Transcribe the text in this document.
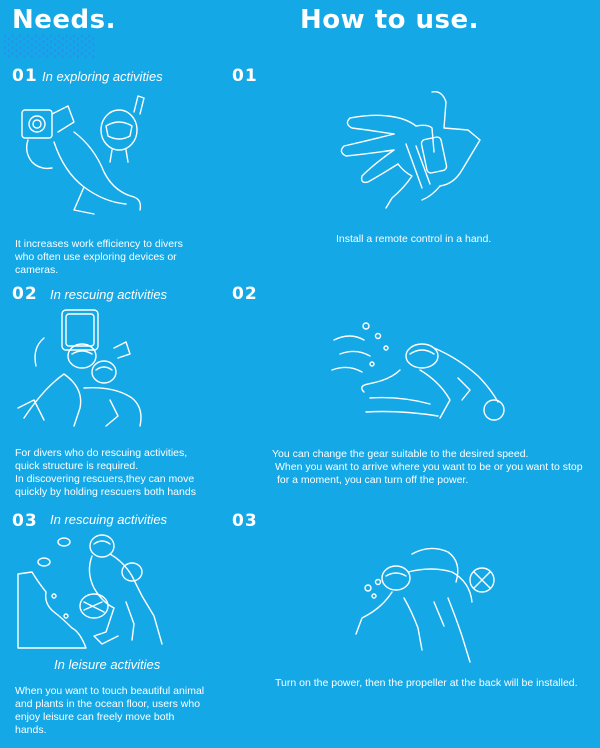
░░░░░░
Needs.
01 In exploring activities
It increases work efficiency to divers who often use exploring devices or cameras.
02 In rescuing activities
For divers who do rescuing activities,
quick structure is required.
In discovering rescuers,they can move
quickly by holding rescuers both hands
03 In rescuing activities
In leisure activities
When you want to touch beautiful animal and plants in the ocean floor, users who enjoy leisure can freely move both hands.
How to use.
01
Install a remote control in a hand.
02
You can change the gear suitable to the desired speed.
When you want to arrive where you want to be or you want to stop
for a moment, you can turn off the power.
03
Turn on the power, then the propeller at the back will be installed.
